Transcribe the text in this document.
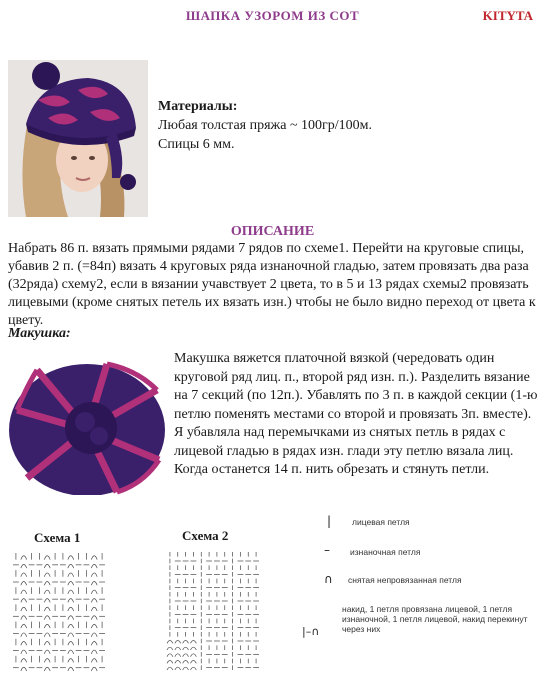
ШАПКА УЗОРОМ ИЗ СОТ	KITYTA
Материалы:
Любая толстая пряжа ~ 100гр/100м.
Спицы 6 мм.
ОПИСАНИЕ
Набрать 86 п. вязать прямыми рядами 7 рядов по схеме1. Перейти на круговые спицы, убавив 2 п. (=84п) вязать 4 круговых ряда изнаночной гладью, затем провязать два раза (32ряда) схему2, если в вязании учавствует 2 цвета, то в 5 и 13 рядах схемы2 провязать лицевыми (кроме снятых петель их вязать изн.) чтобы не было видно переход от цвета к цвету.
Макушка:
Макушка вяжется платочной вязкой (чередовать один круговой ряд лиц. п., второй ряд изн. п.). Разделить вязание на 7 секций (по 12п.). Убавлять по 3 п. в каждой секции (1-ю петлю поменять местами со второй и провязать 3п. вместе). Я убавляла над перемычками из снятых петль в рядах с лицевой гладью в рядах изн. глади эту петлю вязала лиц. Когда останется 14 п. нить обрезать и стянуть петли.
Схема 1	Схема 2
| лицевая петля
– изнаночная петля
∩ снятая непровязанная петля
|–∩
накид, 1 петля провязана лицевой, 1 петля изнаночной, 1 петля лицевой, накид перекинут через них
